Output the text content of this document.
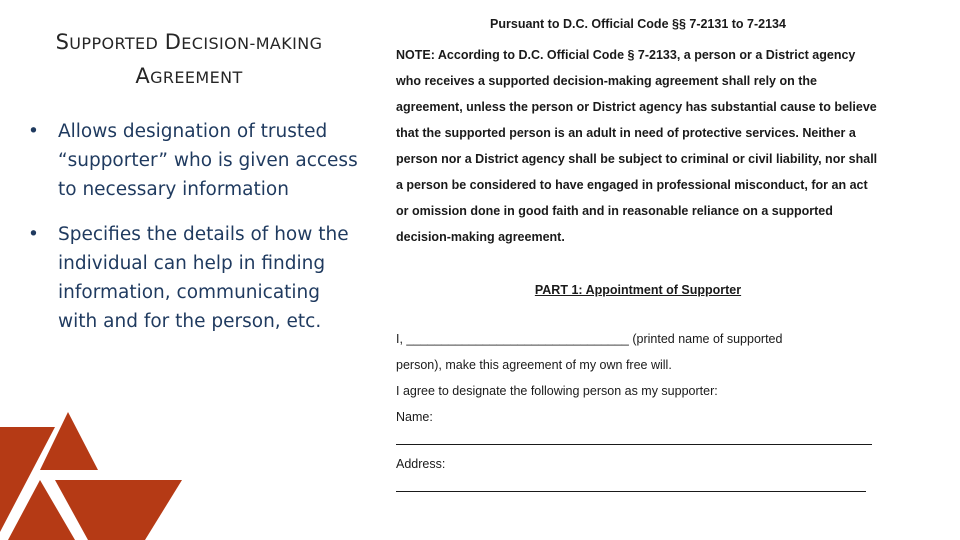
SUPPORTED DECISION-MAKING
AGREEMENT
• Allows designation of trusted “supporter” who is given access to necessary information
• Specifies the details of how the individual can help in finding information, communicating with and for the person, etc.
Pursuant to D.C. Official Code §§ 7-2131 to 7-2134

NOTE: According to D.C. Official Code § 7-2133, a person or a District agency who receives a supported decision-making agreement shall rely on the agreement, unless the person or District agency has substantial cause to believe that the supported person is an adult in need of protective services. Neither a person nor a District agency shall be subject to criminal or civil liability, nor shall a person be considered to have engaged in professional misconduct, for an act or omission done in good faith and in reasonable reliance on a supported decision-making agreement.

PART 1: Appointment of Supporter

I, ________________________________ (printed name of supported

person), make this agreement of my own free will.

I agree to designate the following person as my supporter:

Name:

Address:
